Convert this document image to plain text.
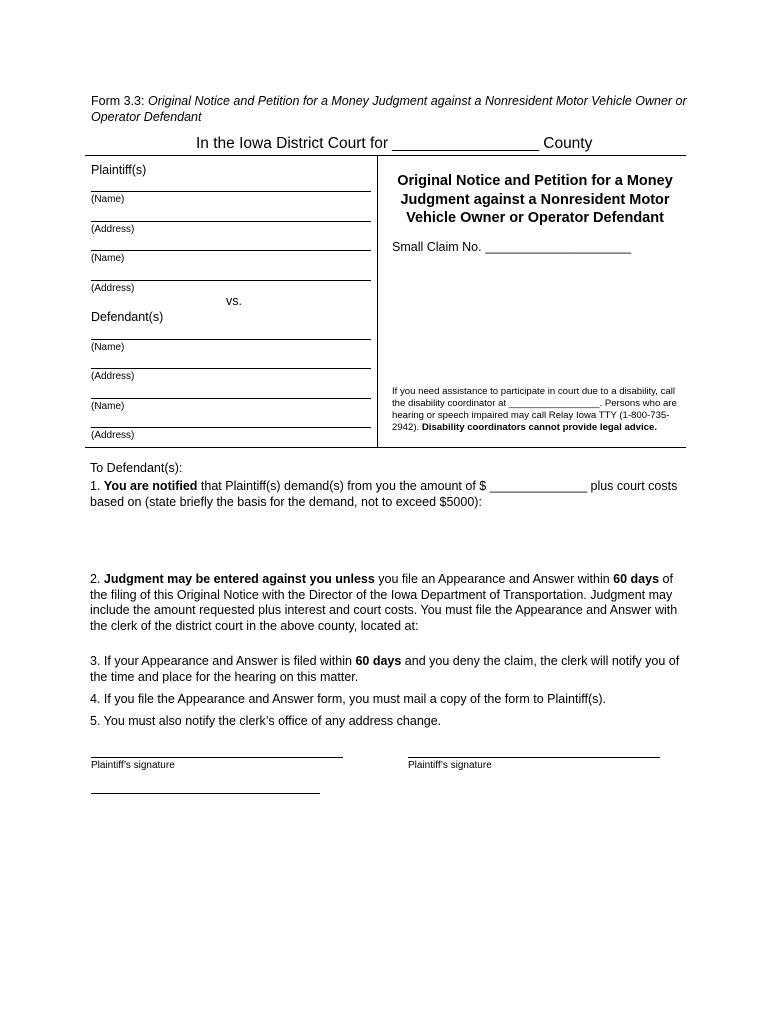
Form 3.3: Original Notice and Petition for a Money Judgment against a Nonresident Motor Vehicle Owner or Operator Defendant
In the Iowa District Court for _________________ County
Plaintiff(s)
(Name)
(Address)
(Name)
(Address)
vs.
Defendant(s)
(Name)
(Address)
(Name)
(Address)
Original Notice and Petition for a Money Judgment against a Nonresident Motor Vehicle Owner or Operator Defendant
Small Claim No. _____________________
If you need assistance to participate in court due to a disability, call the disability coordinator at _________________. Persons who are hearing or speech impaired may call Relay Iowa TTY (1-800-735-2942). Disability coordinators cannot provide legal advice.
To Defendant(s):
1. You are notified that Plaintiff(s) demand(s) from you the amount of $ ______________ plus court costs based on (state briefly the basis for the demand, not to exceed $5000):
2. Judgment may be entered against you unless you file an Appearance and Answer within 60 days of the filing of this Original Notice with the Director of the Iowa Department of Transportation. Judgment may include the amount requested plus interest and court costs. You must file the Appearance and Answer with the clerk of the district court in the above county, located at:
3. If your Appearance and Answer is filed within 60 days and you deny the claim, the clerk will notify you of the time and place for the hearing on this matter.
4. If you file the Appearance and Answer form, you must mail a copy of the form to Plaintiff(s).
5. You must also notify the clerk’s office of any address change.
Plaintiff’s signature	Plaintiff’s signature
